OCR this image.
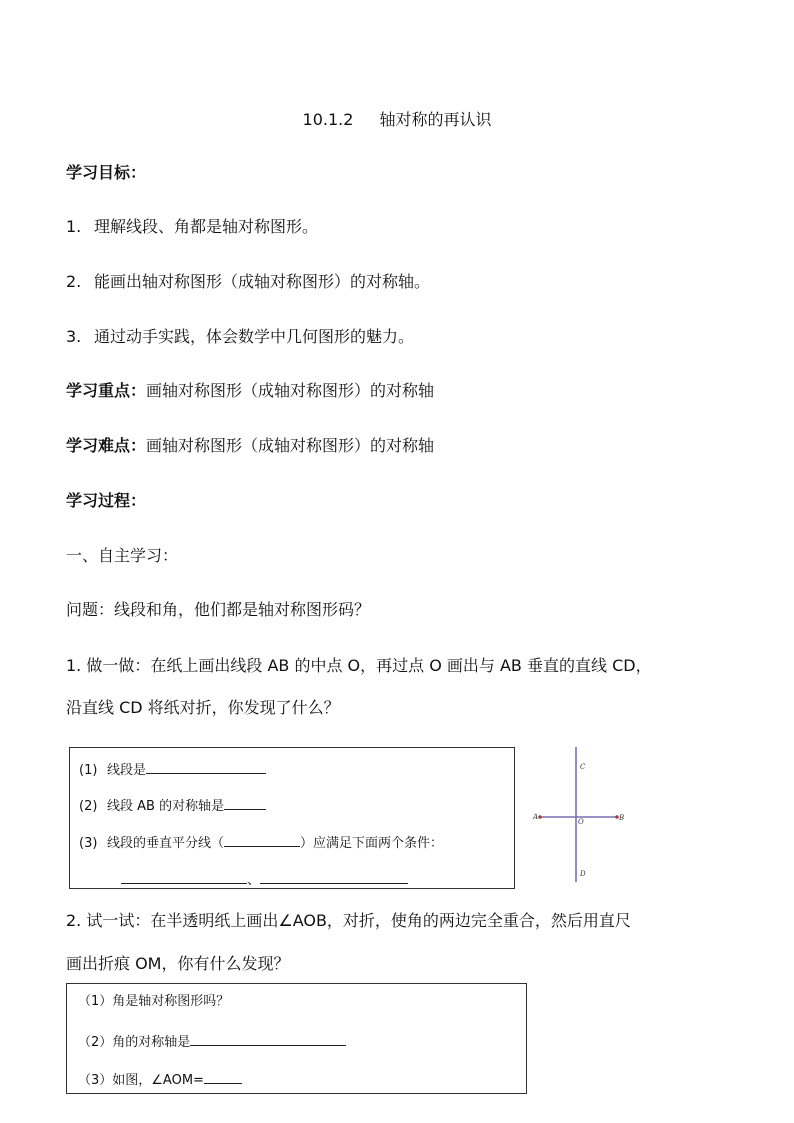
10.1.2 轴对称的再认识
学习目标：
1. 理解线段、角都是轴对称图形。
2. 能画出轴对称图形（成轴对称图形）的对称轴。
3. 通过动手实践，体会数学中几何图形的魅力。
学习重点：画轴对称图形（成轴对称图形）的对称轴
学习难点：画轴对称图形（成轴对称图形）的对称轴
学习过程：
一、自主学习：
问题：线段和角，他们都是轴对称图形码？
1. 做一做：在纸上画出线段 AB 的中点 O，再过点 O 画出与 AB 垂直的直线 CD，
沿直线 CD 将纸对折，你发现了什么？
(1) 线段是
(2) 线段 AB 的对称轴是
(3) 线段的垂直平分线（	）应满足下面两个条件：
、
C
A
O	B
D
2. 试一试：在半透明纸上画出∠AOB，对折，使角的两边完全重合，然后用直尺
画出折痕 OM，你有什么发现？
（1）角是轴对称图形吗？
（2）角的对称轴是
（3）如图，∠AOM=
